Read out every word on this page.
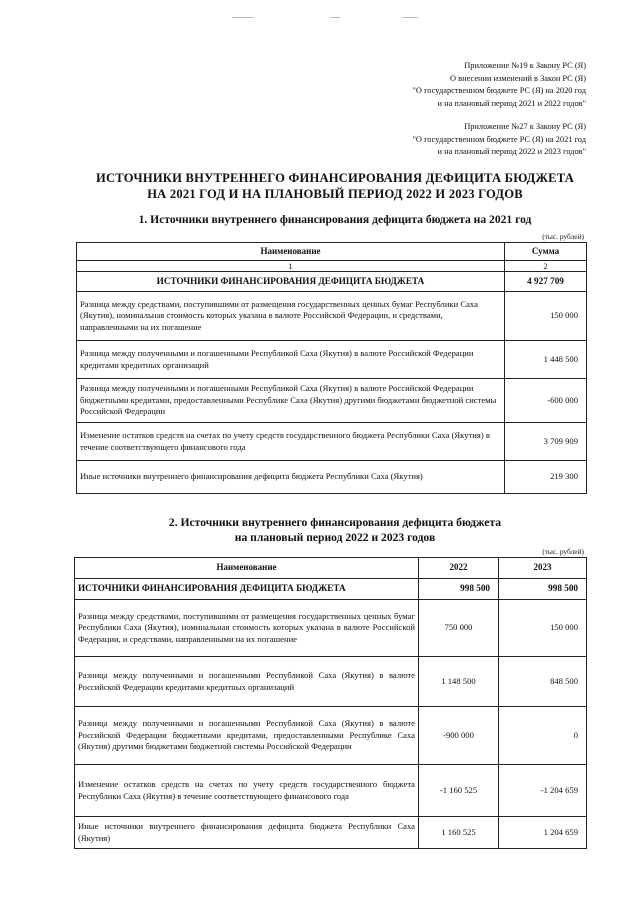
Приложение №19 к Закону РС (Я)
О внесении изменений в Закон РС (Я)
"О государственном бюджете РС (Я) на 2020 год
и на плановый период 2021 и 2022 годов"
Приложение №27 к Закону РС (Я)
"О государственном бюджете РС (Я) на 2021 год
и на плановый период 2022 и 2023 годов"
ИСТОЧНИКИ ВНУТРЕННЕГО ФИНАНСИРОВАНИЯ ДЕФИЦИТА БЮДЖЕТА
НА 2021 ГОД И НА ПЛАНОВЫЙ ПЕРИОД 2022 И 2023 ГОДОВ
1. Источники внутреннего финансирования дефицита бюджета на 2021 год
(тыс. рублей)
Наименование	Сумма
1	2
ИСТОЧНИКИ ФИНАНСИРОВАНИЯ ДЕФИЦИТА БЮДЖЕТА	4 927 709
Разница между средствами, поступившими от размещения государственных ценных бумаг Республики Саха (Якутия), номинальная стоимость которых указана в валюте Российской Федерации, и средствами, направленными на их погашение	150 000
Разница между полученными и погашенными Республикой Саха (Якутия) в валюте Российской Федерации кредитами кредитных организаций	1 448 500
Разница между полученными и погашенными Республикой Саха (Якутия) в валюте Российской Федерации бюджетными кредитами, предоставленными Республике Саха (Якутия) другими бюджетами бюджетной системы Российской Федерации	-600 000
Изменение остатков средств на счетах по учету средств государственного бюджета Республики Саха (Якутия) в течение соответствующего финансового года	3 709 909
Иные источники внутреннего финансирования дефицита бюджета Республики Саха (Якутия)	219 300
2. Источники внутреннего финансирования дефицита бюджета
на плановый период 2022 и 2023 годов
(тыс. рублей)
Наименование	2022	2023
ИСТОЧНИКИ ФИНАНСИРОВАНИЯ ДЕФИЦИТА БЮДЖЕТА	998 500	998 500
Разница между средствами, поступившими от размещения государственных ценных бумаг Республики Саха (Якутия), номинальная стоимость которых указана в валюте Российской Федерации, и средствами, направленными на их погашение	750 000	150 000
Разница между полученными и погашенными Республикой Саха (Якутия) в валюте Российской Федерации кредитами кредитных организаций	1 148 500	848 500
Разница между полученными и погашенными Республикой Саха (Якутия) в валюте Российской Федерации бюджетными кредитами, предоставленными Республике Саха (Якутия) другими бюджетами бюджетной системы Российской Федерации	-900 000	0
Изменение остатков средств на счетах по учету средств государственного бюджета Республики Саха (Якутия) в течение соответствующего финансового года	-1 160 525	-1 204 659
Иные источники внутреннего финансирования дефицита бюджета Республики Саха (Якутия)	1 160 525	1 204 659
